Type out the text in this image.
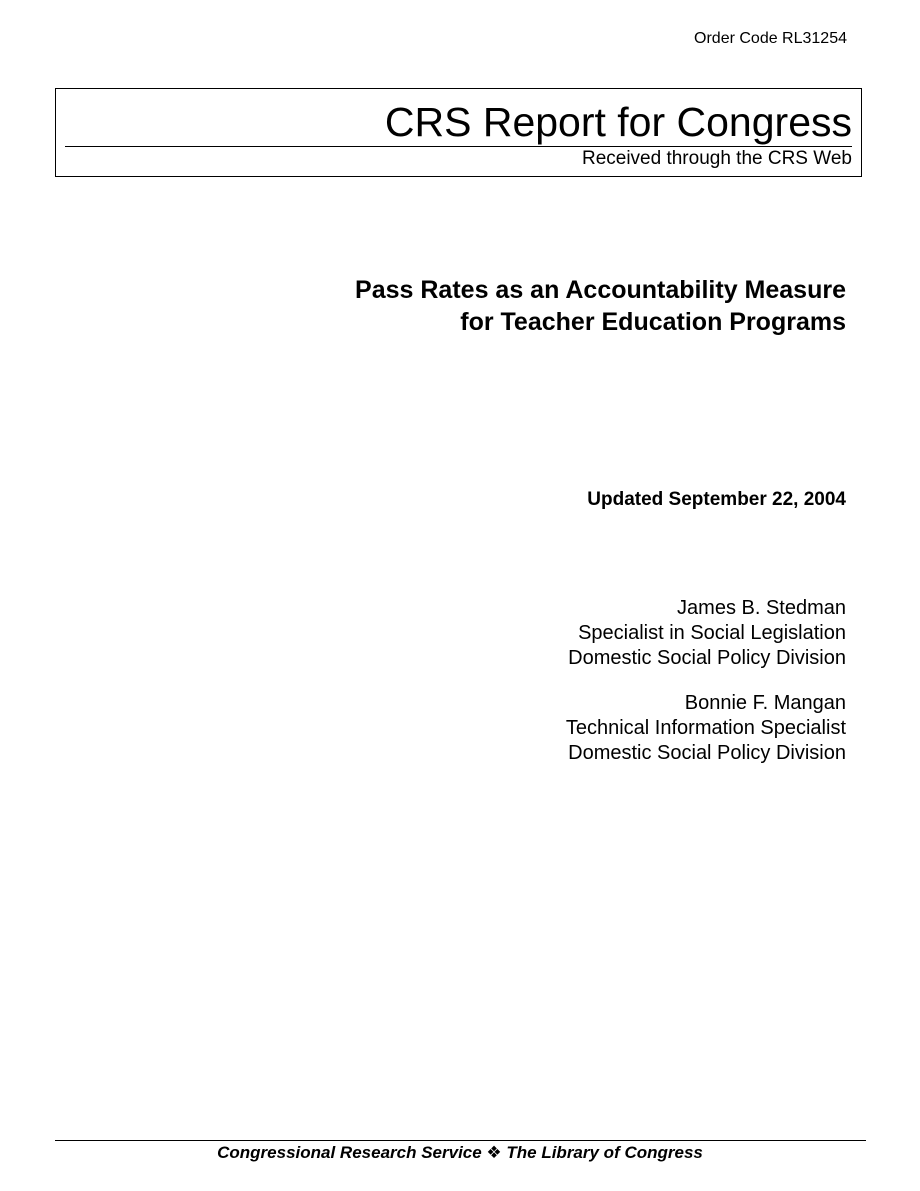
Order Code RL31254
CRS Report for Congress
Received through the CRS Web
Pass Rates as an Accountability Measure
for Teacher Education Programs
Updated September 22, 2004
James B. Stedman
Specialist in Social Legislation
Domestic Social Policy Division
Bonnie F. Mangan
Technical Information Specialist
Domestic Social Policy Division
Congressional Research Service ❖ The Library of Congress
